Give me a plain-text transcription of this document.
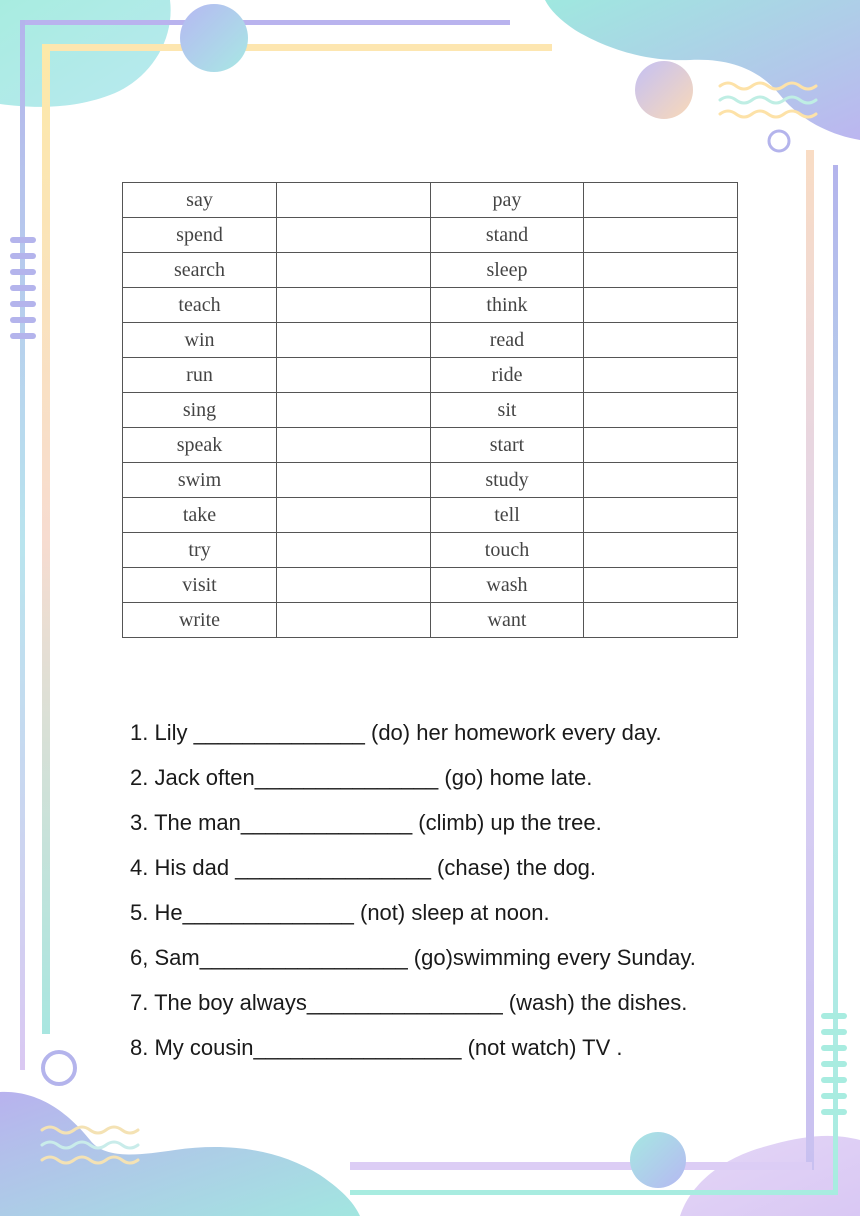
say		pay	
spend		stand	
search		sleep	
teach		think	
win		read	
run		ride	
sing		sit	
speak		start	
swim		study	
take		tell	
try		touch	
visit		wash	
write		want	
1. Lily ______________ (do) her homework every day.
2. Jack often_______________ (go) home late.
3. The man______________ (climb) up the tree.
4. His dad ________________ (chase) the dog.
5. He______________ (not) sleep at noon.
6, Sam_________________ (go)swimming every Sunday.
7. The boy always________________ (wash) the dishes.
8. My cousin_________________ (not watch) TV .
